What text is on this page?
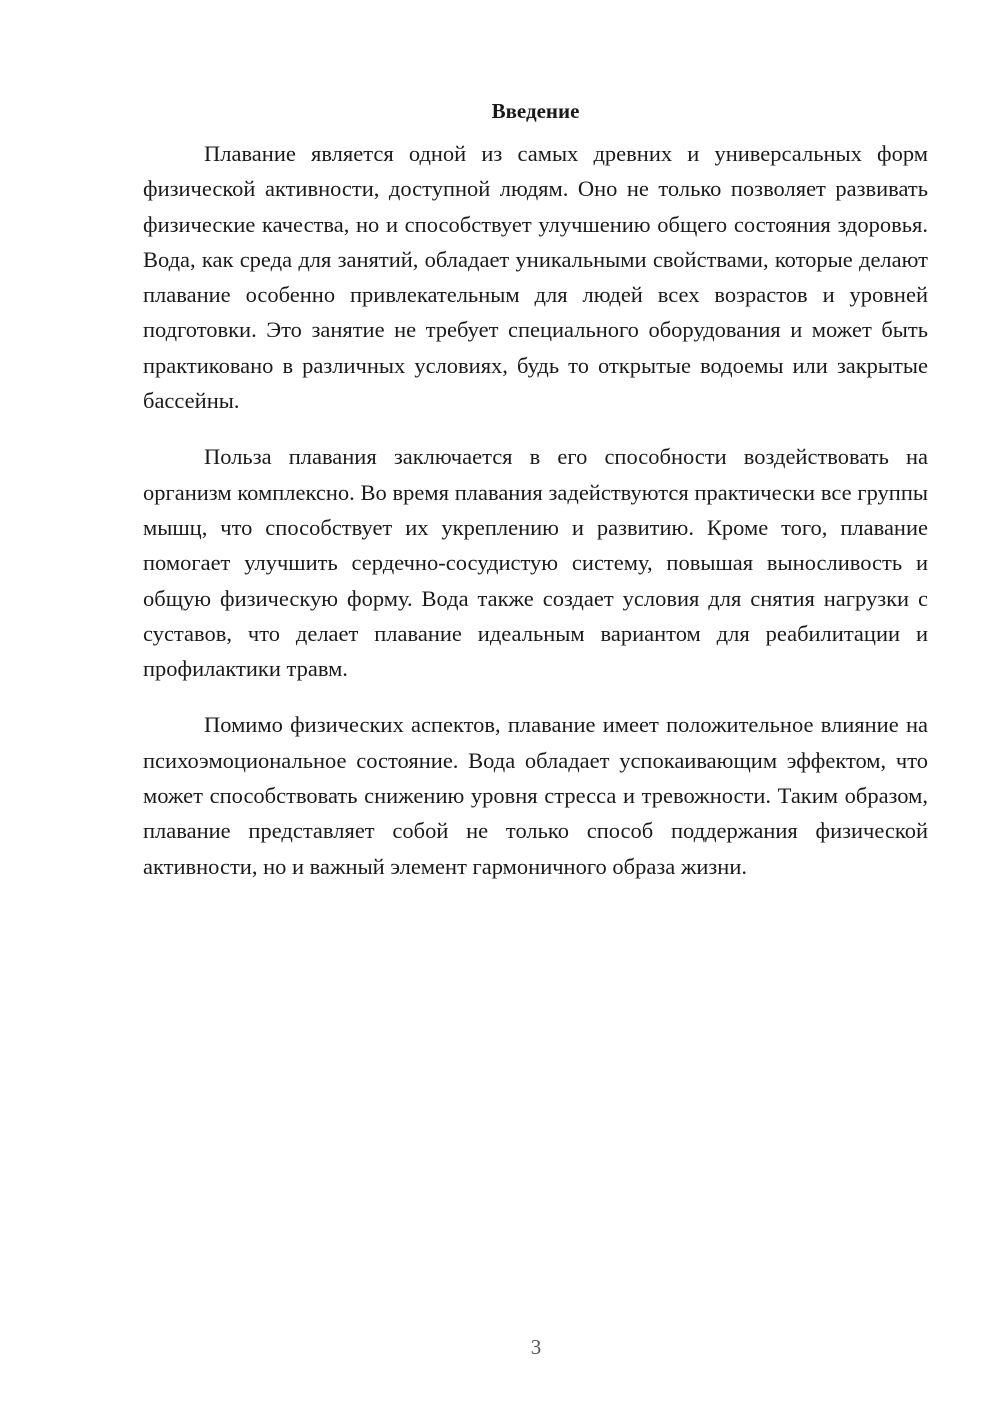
Введение

Плавание является одной из самых древних и универсальных форм физической активности, доступной людям. Оно не только позволяет развивать физические качества, но и способствует улучшению общего состояния здоровья. Вода, как среда для занятий, обладает уникальными свойствами, которые делают плавание особенно привлекательным для людей всех возрастов и уровней подготовки. Это занятие не требует специального оборудования и может быть практиковано в различных условиях, будь то открытые водоемы или закрытые бассейны.

Польза плавания заключается в его способности воздействовать на организм комплексно. Во время плавания задействуются практически все группы мышц, что способствует их укреплению и развитию. Кроме того, плавание помогает улучшить сердечно-сосудистую систему, повышая выносливость и общую физическую форму. Вода также создает условия для снятия нагрузки с суставов, что делает плавание идеальным вариантом для реабилитации и профилактики травм.

Помимо физических аспектов, плавание имеет положительное влияние на психоэмоциональное состояние. Вода обладает успокаивающим эффектом, что может способствовать снижению уровня стресса и тревожности. Таким образом, плавание представляет собой не только способ поддержания физической активности, но и важный элемент гармоничного образа жизни.

3
